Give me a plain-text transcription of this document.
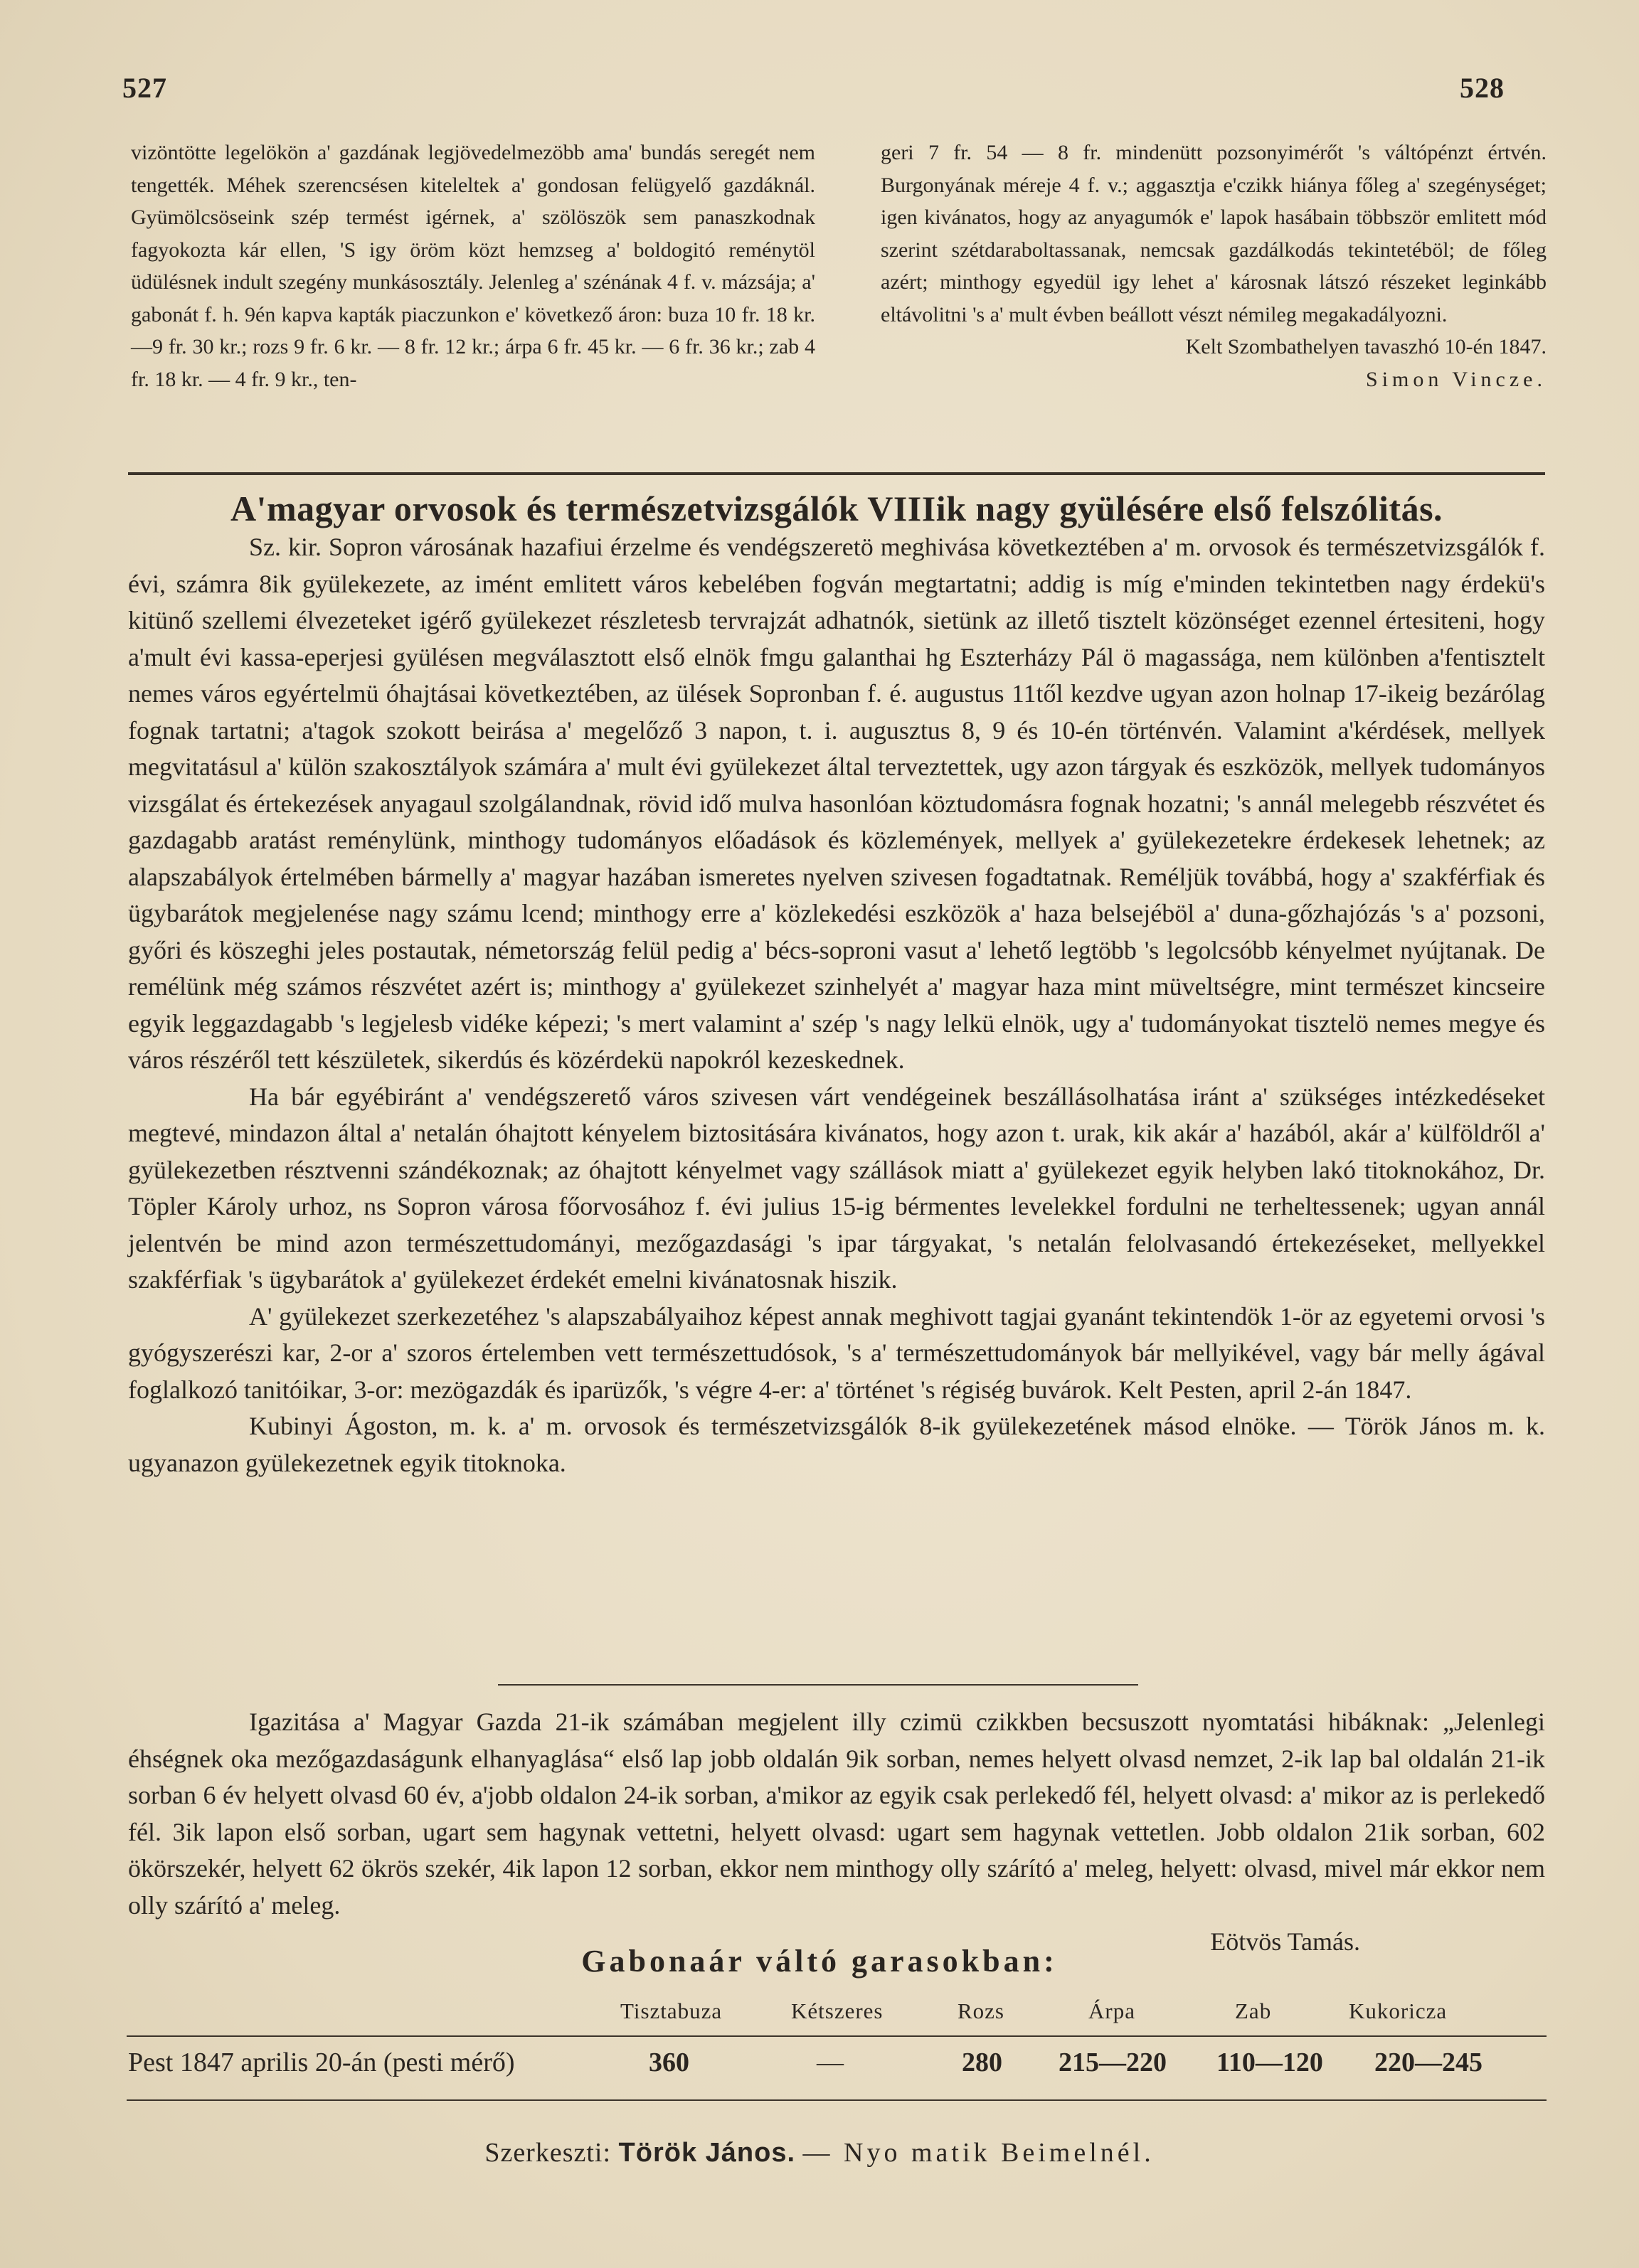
527	528

vizöntötte legelökön a' gazdának legjövedelmezöbb ama' bundás seregét nem tengették. Méhek szerencsésen kiteleltek a' gondosan felügyelő gazdáknál. Gyümölcsöseink szép termést igérnek, a' szölöszök sem panaszkodnak fagyokozta kár ellen, 'S igy öröm közt hemzseg a' boldogitó reménytöl üdülésnek indult szegény munkásosztály. Jelenleg a' szénának 4 f. v. mázsája; a' gabonát f. h. 9én kapva kapták piaczunkon e' következő áron: buza 10 fr. 18 kr.—9 fr. 30 kr.; rozs 9 fr. 6 kr. — 8 fr. 12 kr.; árpa 6 fr. 45 kr. — 6 fr. 36 kr.; zab 4 fr. 18 kr. — 4 fr. 9 kr., ten-

geri 7 fr. 54 — 8 fr. mindenütt pozsonyimérőt 's váltópénzt értvén. Burgonyának méreje 4 f. v.; aggasztja e'czikk hiánya főleg a' szegénységet; igen kivánatos, hogy az anyagumók e' lapok hasábain többször emlitett mód szerint szétdaraboltassanak, nemcsak gazdálkodás tekintetéböl; de főleg azért; minthogy egyedül igy lehet a' károsnak látszó részeket leginkább eltávolitni 's a' mult évben beállott vészt némileg megakadályozni.

Kelt Szombathelyen tavaszhó 10-én 1847.

Simon Vincze.

A'magyar orvosok és természetvizsgálók VIIIik nagy gyülésére első felszólitás.

Sz. kir. Sopron városának hazafiui érzelme és vendégszeretö meghivása következtében a' m. orvosok és természetvizsgálók f. évi, számra 8ik gyülekezete, az imént emlitett város kebelében fogván megtartatni; addig is míg e'minden tekintetben nagy érdekü's kitünő szellemi élvezeteket igérő gyülekezet részletesb tervrajzát adhatnók, sietünk az illető tisztelt közönséget ezennel értesiteni, hogy a'mult évi kassa-eperjesi gyülésen megválasztott első elnök fmgu galanthai hg Eszterházy Pál ö magassága, nem különben a'fentisztelt nemes város egyértelmü óhajtásai következtében, az ülések Sopronban f. é. augustus 11től kezdve ugyan azon holnap 17-ikeig bezárólag fognak tartatni; a'tagok szokott beirása a' megelőző 3 napon, t. i. augusztus 8, 9 és 10-én történvén. Valamint a'kérdések, mellyek megvitatásul a' külön szakosztályok számára a' mult évi gyülekezet által terveztettek, ugy azon tárgyak és eszközök, mellyek tudományos vizsgálat és értekezések anyagaul szolgálandnak, rövid idő mulva hasonlóan köztudomásra fognak hozatni; 's annál melegebb részvétet és gazdagabb aratást reménylünk, minthogy tudományos előadások és közlemények, mellyek a' gyülekezetekre érdekesek lehetnek; az alapszabályok értelmében bármelly a' magyar hazában ismeretes nyelven szivesen fogadtatnak. Reméljük továbbá, hogy a' szakférfiak és ügybarátok megjelenése nagy számu lcend; minthogy erre a' közlekedési eszközök a' haza belsejéböl a' duna-gőzhajózás 's a' pozsoni, győri és köszeghi jeles postautak, németország felül pedig a' bécs-soproni vasut a' lehető legtöbb 's legolcsóbb kényelmet nyújtanak. De remélünk még számos részvétet azért is; minthogy a' gyülekezet szinhelyét a' magyar haza mint müveltségre, mint természet kincseire egyik leggazdagabb 's legjelesb vidéke képezi; 's mert valamint a' szép 's nagy lelkü elnök, ugy a' tudományokat tisztelö nemes megye és város részéről tett készületek, sikerdús és közérdekü napokról kezeskednek.

Ha bár egyébiránt a' vendégszerető város szivesen várt vendégeinek beszállásolhatása iránt a' szükséges intézkedéseket megtevé, mindazon által a' netalán óhajtott kényelem biztositására kivánatos, hogy azon t. urak, kik akár a' hazából, akár a' külföldről a' gyülekezetben résztvenni szándékoznak; az óhajtott kényelmet vagy szállások miatt a' gyülekezet egyik helyben lakó titoknokához, Dr. Töpler Károly urhoz, ns Sopron városa főorvosához f. évi julius 15-ig bérmentes levelekkel fordulni ne terheltessenek; ugyan annál jelentvén be mind azon természettudományi, mezőgazdasági 's ipar tárgyakat, 's netalán felolvasandó értekezéseket, mellyekkel szakférfiak 's ügybarátok a' gyülekezet érdekét emelni kivánatosnak hiszik.

A' gyülekezet szerkezetéhez 's alapszabályaihoz képest annak meghivott tagjai gyanánt tekintendök 1-ör az egyetemi orvosi 's gyógyszerészi kar, 2-or a' szoros értelemben vett természettudósok, 's a' természettudományok bár mellyikével, vagy bár melly ágával foglalkozó tanitóikar, 3-or: mezögazdák és iparüzők, 's végre 4-er: a' történet 's régiség buvárok. Kelt Pesten, april 2-án 1847.

Kubinyi Ágoston, m. k. a' m. orvosok és természetvizsgálók 8-ik gyülekezetének másod elnöke. — Török János m. k. ugyanazon gyülekezetnek egyik titoknoka.

Igazitása a' Magyar Gazda 21-ik számában megjelent illy czimü czikkben becsuszott nyomtatási hibáknak: „Jelenlegi éhségnek oka mezőgazdaságunk elhanyaglása“ első lap jobb oldalán 9ik sorban, nemes helyett olvasd nemzet, 2-ik lap bal oldalán 21-ik sorban 6 év helyett olvasd 60 év, a'jobb oldalon 24-ik sorban, a'mikor az egyik csak perlekedő fél, helyett olvasd: a' mikor az is perlekedő fél. 3ik lapon első sorban, ugart sem hagynak vettetni, helyett olvasd: ugart sem hagynak vettetlen. Jobb oldalon 21ik sorban, 602 ökörszekér, helyett 62 ökrös szekér, 4ik lapon 12 sorban, ekkor nem minthogy olly szárító a' meleg, helyett: olvasd, mivel már ekkor nem olly szárító a' meleg.

Eötvös Tamás.

Gabonaár váltó garasokban:
Tisztabuza	Kétszeres	Rozs	Árpa	Zab	Kukoricza
Pest 1847 aprilis 20-án (pesti mérő)	360	—	280 215—220 110—120 220—245
Szerkeszti: Török János. — Nyo matik Beimelnél.
